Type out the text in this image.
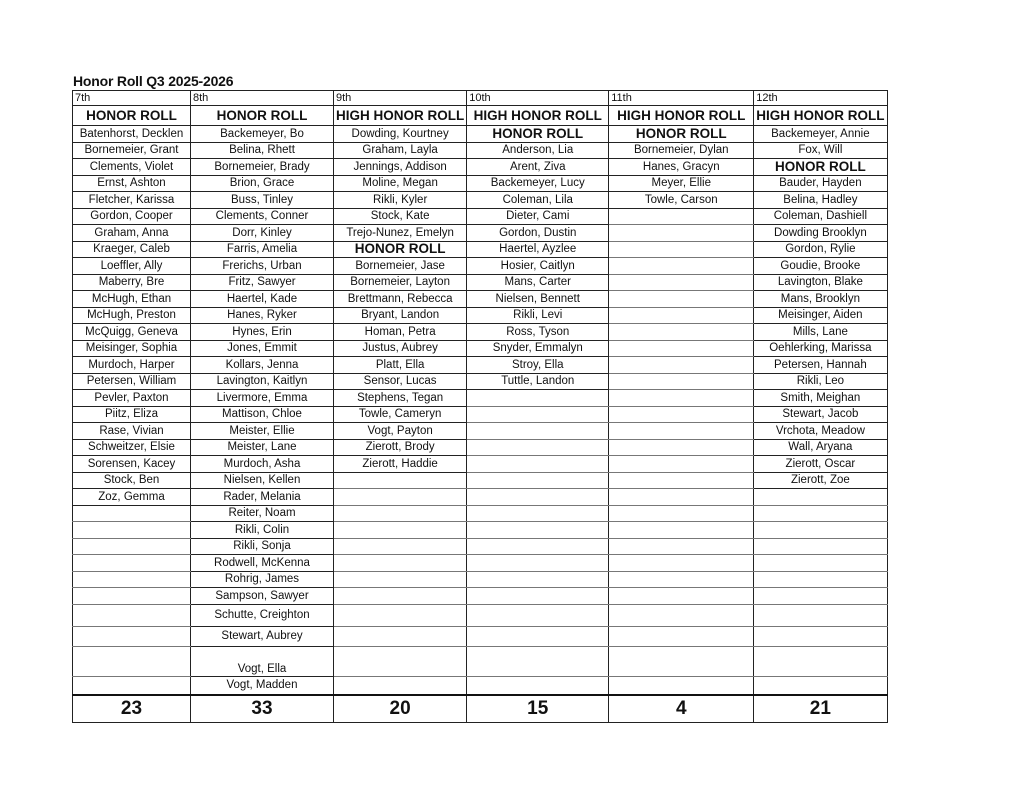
Honor Roll Q3 2025-2026
7th	8th	9th	10th	11th	12th
HONOR ROLL	HONOR ROLL	HIGH HONOR ROLL	HIGH HONOR ROLL	HIGH HONOR ROLL	HIGH HONOR ROLL
Batenhorst, Decklen	Backemeyer, Bo	Dowding, Kourtney	HONOR ROLL	HONOR ROLL	Backemeyer, Annie
Bornemeier, Grant	Belina, Rhett	Graham, Layla	Anderson, Lia	Bornemeier, Dylan	Fox, Will
Clements, Violet	Bornemeier, Brady	Jennings, Addison	Arent, Ziva	Hanes, Gracyn	HONOR ROLL
Ernst, Ashton	Brion, Grace	Moline, Megan	Backemeyer, Lucy	Meyer, Ellie	Bauder, Hayden
Fletcher, Karissa	Buss, Tinley	Rikli, Kyler	Coleman, Lila	Towle, Carson	Belina, Hadley
Gordon, Cooper	Clements, Conner	Stock, Kate	Dieter, Cami		Coleman, Dashiell
Graham, Anna	Dorr, Kinley	Trejo-Nunez, Emelyn	Gordon, Dustin		Dowding Brooklyn
Kraeger, Caleb	Farris, Amelia	HONOR ROLL	Haertel, Ayzlee		Gordon, Rylie
Loeffler, Ally	Frerichs, Urban	Bornemeier, Jase	Hosier, Caitlyn		Goudie, Brooke
Maberry, Bre	Fritz, Sawyer	Bornemeier, Layton	Mans, Carter		Lavington, Blake
McHugh, Ethan	Haertel, Kade	Brettmann, Rebecca	Nielsen, Bennett		Mans, Brooklyn
McHugh, Preston	Hanes, Ryker	Bryant, Landon	Rikli, Levi		Meisinger, Aiden
McQuigg, Geneva	Hynes, Erin	Homan, Petra	Ross, Tyson		Mills, Lane
Meisinger, Sophia	Jones, Emmit	Justus, Aubrey	Snyder, Emmalyn		Oehlerking, Marissa
Murdoch, Harper	Kollars, Jenna	Platt, Ella	Stroy, Ella		Petersen, Hannah
Petersen, William	Lavington, Kaitlyn	Sensor, Lucas	Tuttle, Landon		Rikli, Leo
Pevler, Paxton	Livermore, Emma	Stephens, Tegan			Smith, Meighan
Piitz, Eliza	Mattison, Chloe	Towle, Cameryn			Stewart, Jacob
Rase, Vivian	Meister, Ellie	Vogt, Payton			Vrchota, Meadow
Schweitzer, Elsie	Meister, Lane	Zierott, Brody			Wall, Aryana
Sorensen, Kacey	Murdoch, Asha	Zierott, Haddie			Zierott, Oscar
Stock, Ben	Nielsen, Kellen				Zierott, Zoe
Zoz, Gemma	Rader, Melania				
	Reiter, Noam				
	Rikli, Colin				
	Rikli, Sonja				
	Rodwell, McKenna				
	Rohrig, James				
	Sampson, Sawyer				
	Schutte, Creighton				
	Stewart, Aubrey				
	Vogt, Ella				
	Vogt, Madden				
23	33	20	15	4	21
